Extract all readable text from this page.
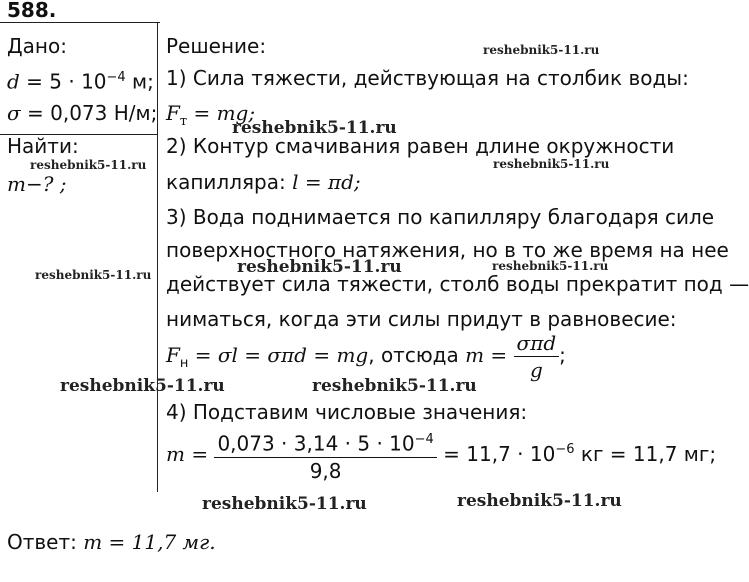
588.
Дано:
$d = 5 \cdot 10^{-4}$ м;
σ = 0,073 Н/м;
Найти:
m−? ;
Решение:
1) Сила тяжести, действующая на столбик воды:
$F_т$ = mg;
2) Контур смачивания равен длине окружности
капилляра: l = πd;
3) Вода поднимается по капилляру благодаря силе
поверхностного натяжения, но в то же время на нее
действует сила тяжести, столб воды прекратит под —
ниматься, когда эти силы придут в равновесие:
$F_н = \sigma l = \sigma\pi d$ = mg, отсюда $m = \frac{\text{σπd}}{g}$ ;
4) Подставим числовые значения:
$m = \frac{0,073 \cdot 3,14 \cdot 5 \cdot 10^{-4}}{9,8} = 11,7 \cdot 10^{-6}$ кг = 11,7 мг;
Ответ: m = 11,7 мг.
reshebnik5-11.ru
reshebnik5-11.ru
reshebnik5-11.ru	reshebnik5-11.ru
reshebnik5-11.ru	reshebnik5-11.ru	reshebnik5-11.ru
reshebnik5-11.ru	reshebnik5-11.ru
reshebnik5-11.ru	reshebnik5-11.ru
